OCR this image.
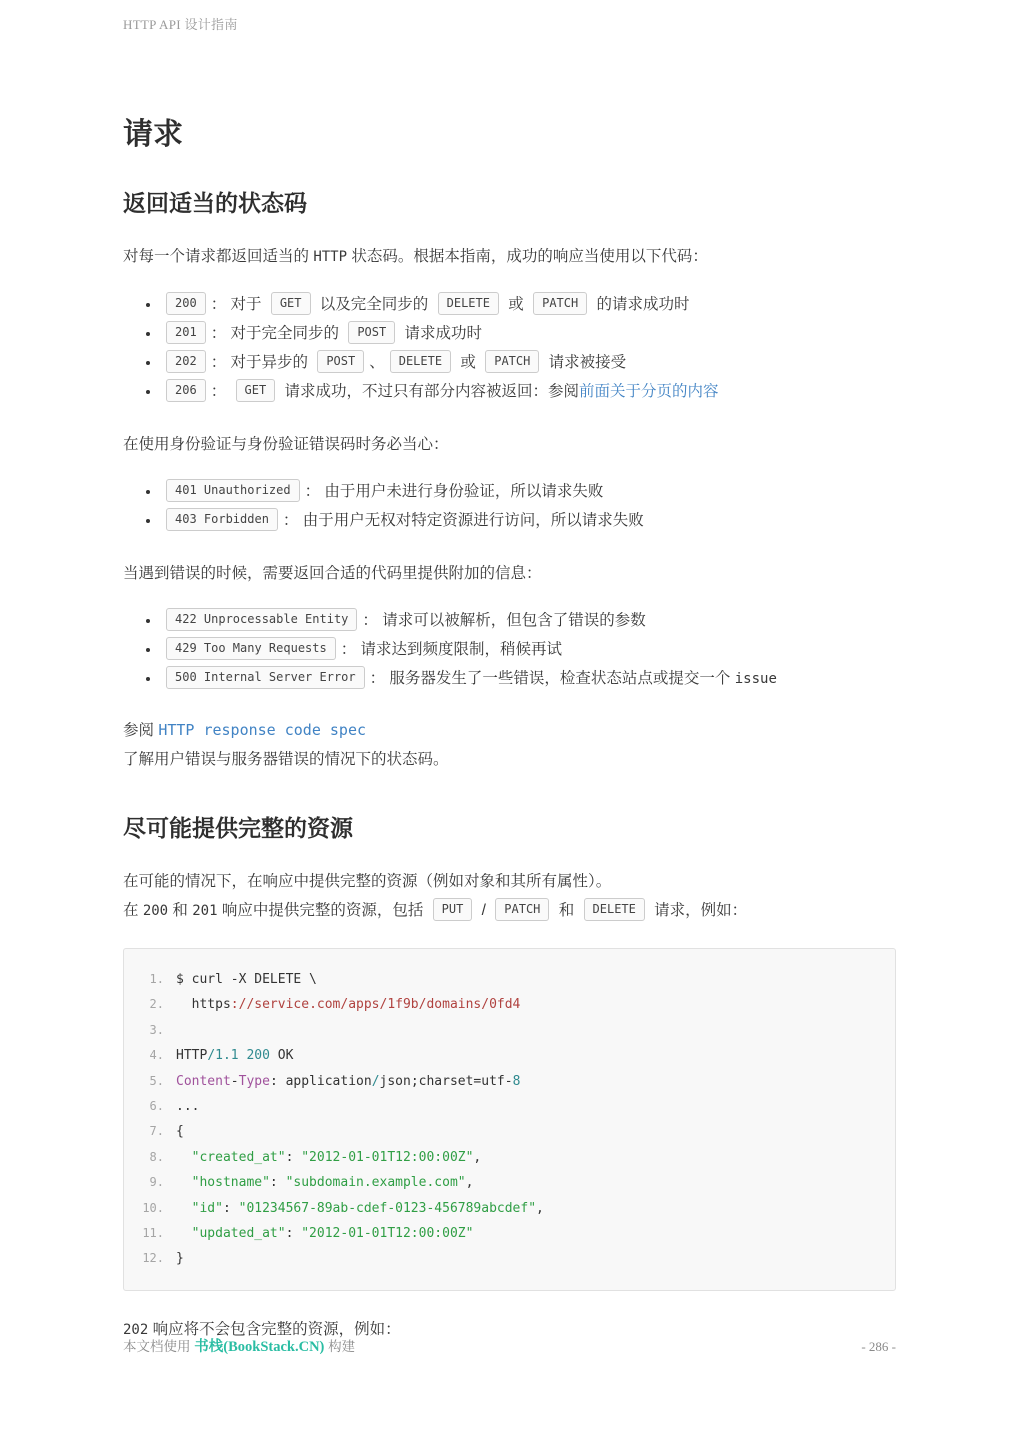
HTTP API 设计指南
请求
返回适当的状态码

对每一个请求都返回适当的 HTTP 状态码。根据本指南，成功的响应当使用以下代码：

• 200 ： 对于 GET 以及完全同步的 DELETE 或 PATCH 的请求成功时
• 201 ： 对于完全同步的 POST 请求成功时
• 202 ： 对于异步的 POST 、 DELETE 或 PATCH 请求被接受
• 206 ： GET 请求成功，不过只有部分内容被返回：参阅前面关于分页的内容

在使用身份验证与身份验证错误码时务必当心：

• 401 Unauthorized ： 由于用户未进行身份验证，所以请求失败
• 403 Forbidden ： 由于用户无权对特定资源进行访问，所以请求失败

当遇到错误的时候，需要返回合适的代码里提供附加的信息：

• 422 Unprocessable Entity ： 请求可以被解析，但包含了错误的参数
• 429 Too Many Requests ： 请求达到频度限制，稍候再试
• 500 Internal Server Error ： 服务器发生了一些错误，检查状态站点或提交一个 issue

参阅 HTTP response code spec

了解用户错误与服务器错误的情况下的状态码。

尽可能提供完整的资源

在可能的情况下，在响应中提供完整的资源（例如对象和其所有属性）。

在 200 和 201 响应中提供完整的资源，包括 PUT / PATCH 和 DELETE 请求，例如：

1. $ curl -X DELETE \
2.  https://service.com/apps/1f9b/domains/0fd4
3.
4. HTTP/1.1 200 OK
5. Content-Type: application/json;charset=utf-8
6. ...
7. {
8.  "created_at": "2012-01-01T12:00:00Z",
9.  "hostname": "subdomain.example.com",
10.  "id": "01234567-89ab-cdef-0123-456789abcdef",
11.  "updated_at": "2012-01-01T12:00:00Z"
12. }

202 响应将不会包含完整的资源，例如：

本文档使用 书栈(BookStack.CN) 构建	- 286 -
